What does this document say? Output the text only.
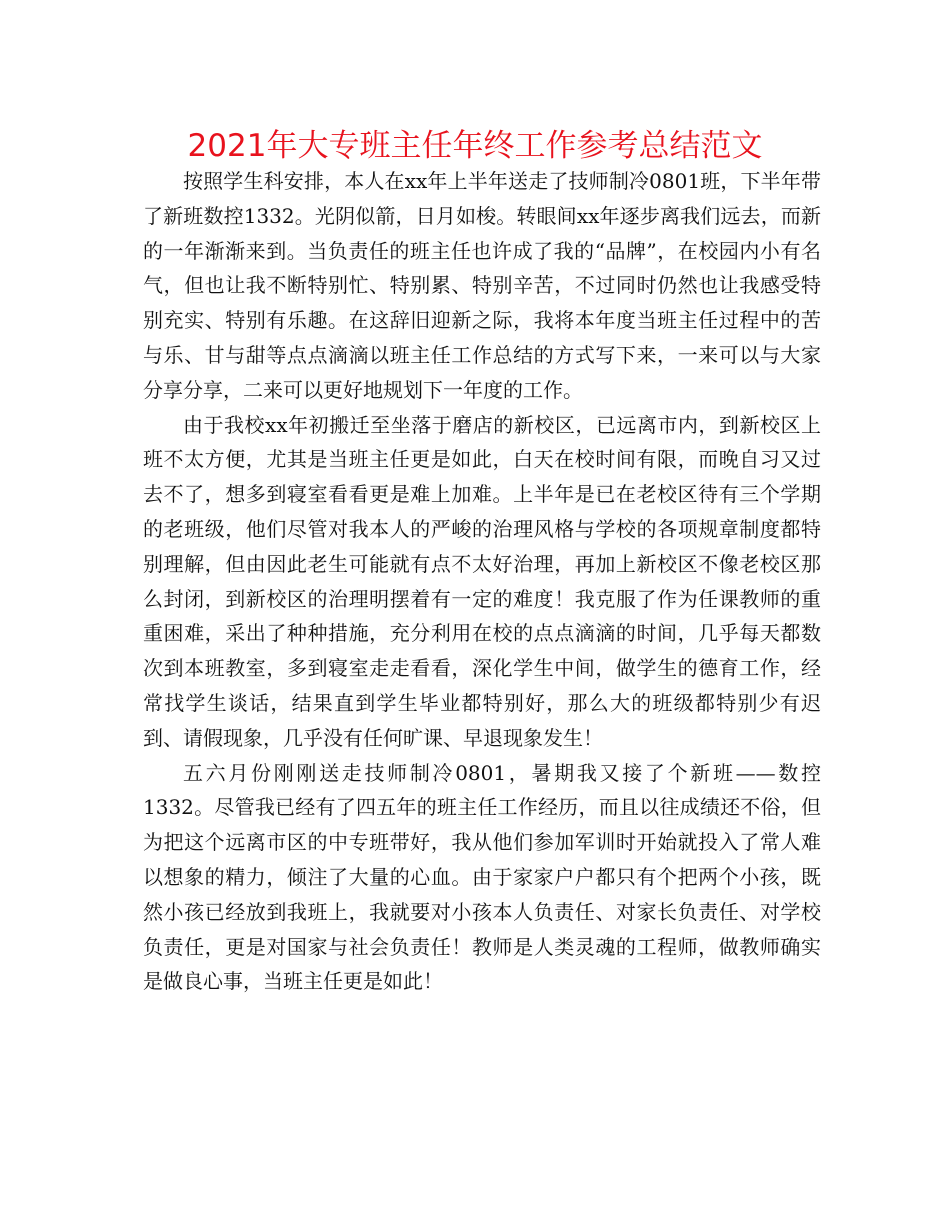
2021年大专班主任年终工作参考总结范文

按照学生科安排，本人在xx年上半年送走了技师制冷0801班，下半年带了新班数控1332。光阴似箭，日月如梭。转眼间xx年逐步离我们远去，而新的一年渐渐来到。当负责任的班主任也许成了我的“品牌”，在校园内小有名气，但也让我不断特别忙、特别累、特别辛苦，不过同时仍然也让我感受特别充实、特别有乐趣。在这辞旧迎新之际，我将本年度当班主任过程中的苦与乐、甘与甜等点点滴滴以班主任工作总结的方式写下来，一来可以与大家分享分享，二来可以更好地规划下一年度的工作。

由于我校xx年初搬迁至坐落于磨店的新校区，已远离市内，到新校区上班不太方便，尤其是当班主任更是如此，白天在校时间有限，而晚自习又过去不了，想多到寝室看看更是难上加难。上半年是已在老校区待有三个学期的老班级，他们尽管对我本人的严峻的治理风格与学校的各项规章制度都特别理解，但由因此老生可能就有点不太好治理，再加上新校区不像老校区那么封闭，到新校区的治理明摆着有一定的难度！我克服了作为任课教师的重重困难，采出了种种措施，充分利用在校的点点滴滴的时间，几乎每天都数次到本班教室，多到寝室走走看看，深化学生中间，做学生的德育工作，经常找学生谈话，结果直到学生毕业都特别好，那么大的班级都特别少有迟到、请假现象，几乎没有任何旷课、早退现象发生！

五六月份刚刚送走技师制冷0801，暑期我又接了个新班——数控1332。尽管我已经有了四五年的班主任工作经历，而且以往成绩还不俗，但为把这个远离市区的中专班带好，我从他们参加军训时开始就投入了常人难以想象的精力，倾注了大量的心血。由于家家户户都只有个把两个小孩，既然小孩已经放到我班上，我就要对小孩本人负责任、对家长负责任、对学校负责任，更是对国家与社会负责任！教师是人类灵魂的工程师，做教师确实是做良心事，当班主任更是如此！
